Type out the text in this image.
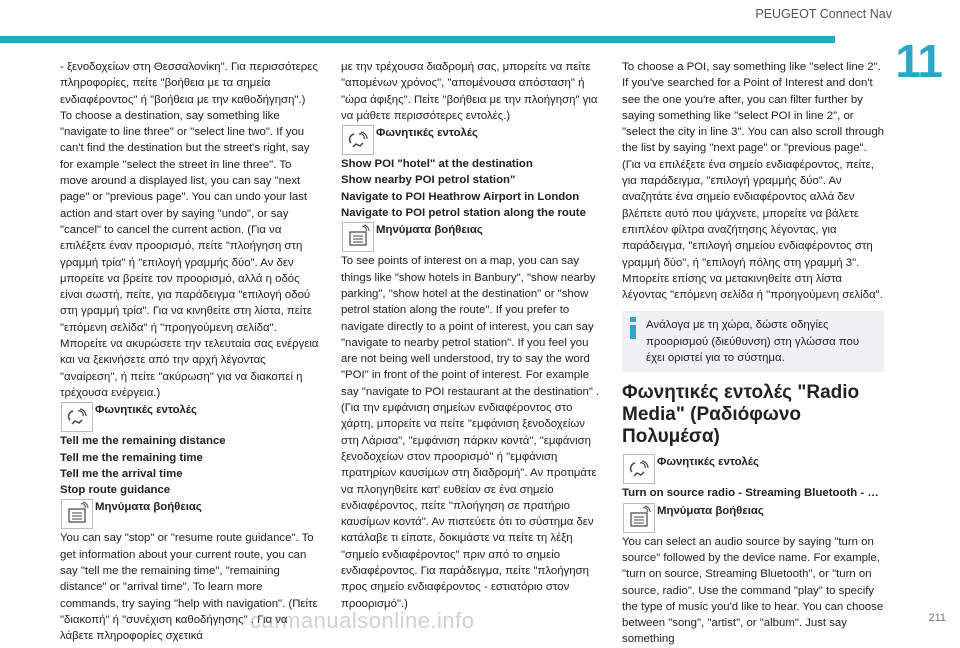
PEUGEOT Connect Nav
11

- ξενοδοχείων στη Θεσσαλονίκη". Για περισσότερες πληροφορίες, πείτε "βοήθεια με τα σημεία ενδιαφέροντος" ή "βοήθεια με την καθοδήγηση".)

To choose a destination, say something like "navigate to line three" or "select line two". If you can't find the destination but the street's right, say for example "select the street in line three". To move around a displayed list, you can say "next page" or "previous page". You can undo your last action and start over by saying "undo", or say "cancel" to cancel the current action. (Για να επιλέξετε έναν προορισμό, πείτε "πλοήγηση στη γραμμή τρία" ή "επιλογή γραμμής δύο". Αν δεν μπορείτε να βρείτε τον προορισμό, αλλά η οδός είναι σωστή, πείτε, για παράδειγμα "επιλογή οδού στη γραμμή τρία". Για να κινηθείτε στη λίστα, πείτε "επόμενη σελίδα" ή "προηγούμενη σελίδα". Μπορείτε να ακυρώσετε την τελευταία σας ενέργεια και να ξεκινήσετε από την αρχή λέγοντας "αναίρεση", ή πείτε "ακύρωση" για να διακοπεί η τρέχουσα ενέργεια.)

Φωνητικές εντολές

Tell me the remaining distance

Tell me the remaining time

Tell me the arrival time

Stop route guidance

Μηνύματα βοήθειας

You can say "stop" or "resume route guidance". To get information about your current route, you can say "tell me the remaining time", "remaining distance" or "arrival time". To learn more commands, try saying "help with navigation". (Πείτε "διακοπή" ή "συνέχιση καθοδήγησης" . Για να λάβετε πληροφορίες σχετικά

με την τρέχουσα διαδρομή σας, μπορείτε να πείτε "απομένων χρόνος", "απομένουσα απόσταση" ή "ώρα άφιξης". Πείτε "βοήθεια με την πλοήγηση" για να μάθετε περισσότερες εντολές.)

Φωνητικές εντολές

Show POI "hotel" at the destination

Show nearby POI petrol station"

Navigate to POI Heathrow Airport in London

Navigate to POI petrol station along the route

Μηνύματα βοήθειας

To see points of interest on a map, you can say things like "show hotels in Banbury", "show nearby parking", "show hotel at the destination" or "show petrol station along the route". If you prefer to navigate directly to a point of interest, you can say "navigate to nearby petrol station". If you feel you are not being well understood, try to say the word "POI" in front of the point of interest. For example say "navigate to POI restaurant at the destination" .(Για την εμφάνιση σημείων ενδιαφέροντος στο χάρτη, μπορείτε να πείτε "εμφάνιση ξενοδοχείων στη Λάρισα", "εμφάνιση πάρκιν κοντά", "εμφάνιση ξενοδοχείων στον προορισμό" ή "εμφάνιση πρατηρίων καυσίμων στη διαδρομή". Αν προτιμάτε να πλοηγηθείτε κατ' ευθείαν σε ένα σημείο ενδιαφέροντος, πείτε "πλοήγηση σε πρατήριο καυσίμων κοντά". Αν πιστεύετε ότι το σύστημα δεν κατάλαβε τι είπατε, δοκιμάστε να πείτε τη λέξη "σημείο ενδιαφέροντος" πριν από το σημείο ενδιαφέροντος. Για παράδειγμα, πείτε "πλοήγηση προς σημείο ενδιαφέροντος - εστιατόριο στον προορισμό".)

To choose a POI, say something like "select line 2". If you've searched for a Point of Interest and don't see the one you're after, you can filter further by saying something like "select POI in line 2", or "select the city in line 3". You can also scroll through the list by saying "next page" or "previous page". (Για να επιλέξετε ένα σημείο ενδιαφέροντος, πείτε, για παράδειγμα, "επιλογή γραμμής δύο". Αν αναζητάτε ένα σημείο ενδιαφέροντος αλλά δεν βλέπετε αυτό που ψάχνετε, μπορείτε να βάλετε επιπλέον φίλτρα αναζήτησης λέγοντας, για παράδειγμα, "επιλογή σημείου ενδιαφέροντος στη γραμμή δύο", ή "επιλογή πόλης στη γραμμή 3". Μπορείτε επίσης να μετακινηθείτε στη λίστα λέγοντας "επόμενη σελίδα ή "προηγούμενη σελίδα".

Ανάλογα με τη χώρα, δώστε οδηγίες προορισμού (διεύθυνση) στη γλώσσα που έχει οριστεί για το σύστημα.
Φωνητικές εντολές "Radio Media" (Ραδιόφωνο Πολυμέσα)
Φωνητικές εντολές

Turn on source radio - Streaming Bluetooth - …

Μηνύματα βοήθειας

You can select an audio source by saying "turn on source" followed by the device name. For example, "turn on source, Streaming Bluetooth", or "turn on source, radio". Use the command "play" to specify the type of music you'd like to hear. You can choose between "song", "artist", or "album". Just say something

carmanualsonline.info	211
